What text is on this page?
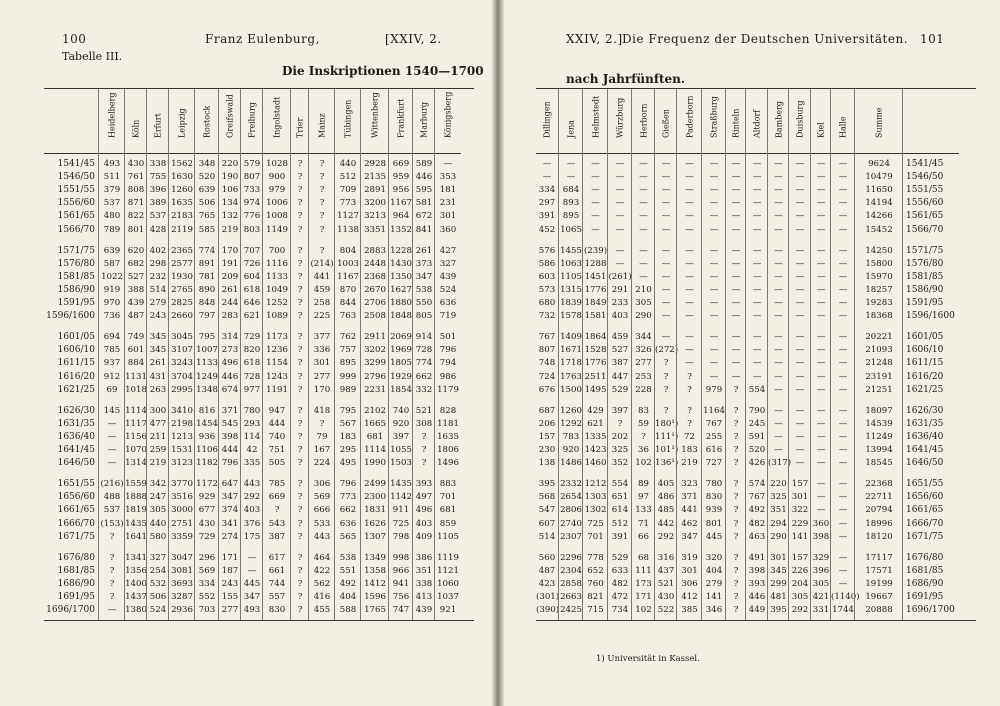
100	Franz Eulenburg,	[XXIV, 2.
Tabelle III.
Die Inskriptionen 1540—1700
1541/45
1546/50
1551/55
1556/60
1561/65
1566/70
1571/75
1576/80
1581/85
1586/90
1591/95
1596/1600
1601/05
1606/10
1611/15
1616/20
1621/25
1626/30
1631/35
1636/40
1641/45
1646/50
1651/55
1656/60
1661/65
1666/70
1671/75
1676/80
1681/85
1686/90
1691/95
1696/1700
Heidelberg
493
511
379
537
480
789
639
587
1022
919
970
736
694
785
937
912
69
145
—
—
—
—
(216)
488
537
(153)
?
?
?
?
?
—
Köln
430
761
808
871
822
801
620
682
527
388
439
487
749
601
884
1131
1018
1114
1117
1156
1070
1314
1559
1888
1819
1435
1641
1341
1356
1400
1437
1380
Erfurt
338
755
396
389
537
428
402
298
232
514
279
243
345
345
261
431
263
300
477
211
259
219
342
247
305
440
580
327
254
532
506
524
Leipzig
1562
1630
1260
1635
2183
2119
2365
2577
1930
2765
2825
2660
3045
3107
3243
3704
2995
3410
2198
1213
1531
3123
3770
3516
3000
2751
3359
3047
3081
3693
3287
2936
Rostock
348
520
639
506
765
585
774
891
781
890
848
797
795
1007
1133
1249
1348
816
1454
936
1106
1182
1172
929
677
430
729
296
569
334
552
703
Greifswald
220
190
106
134
132
219
170
191
209
261
244
283
314
273
496
446
674
371
545
398
444
796
647
347
374
341
274
171
187
243
155
277
Freiburg
579
807
733
974
776
803
707
726
604
618
646
621
729
820
618
728
977
780
293
114
42
335
443
292
403
376
175
—
—
445
347
493
Ingolstadt
1028
900
979
1006
1008
1149
700
1116
1133
1049
1252
1089
1173
1236
1154
1243
1191
947
444
740
751
505
785
669
?
543
387
617
661
744
557
830
Trier
?
?
?
?
?
?
?
?
?
?
?
?
?
?
?
?
?
?
?
?
?
?
?
?
?
?
?
?
?
?
?
?
Mainz
?
?
?
?
?
?
?
(214)
441
459
258
225
377
336
301
277
170
418
?
79
167
224
306
569
666
533
443
464
422
562
416
455
Tübingen
440
512
709
773
1127
1138
804
1003
1167
870
844
763
762
757
895
999
989
795
567
183
295
495
796
773
662
636
565
538
551
492
404
588
Wittenberg
2928
2135
2891
3200
3213
3351
2883
2448
2368
2670
2706
2508
2911
3202
3299
2796
2231
2102
1665
681
1114
1990
2499
2300
1831
1626
1307
1349
1358
1412
1596
1765
Frankfurt
669
959
956
1167
964
1352
1228
1430
1350
1627
1880
1848
2069
1969
1805
1929
1854
740
920
397
1055
1503
1435
1142
911
725
798
998
966
941
756
747
Marburg
589
446
595
581
672
841
261
373
347
538
550
805
914
728
774
662
332
521
308
?
?
?
393
497
496
403
409
386
351
338
413
439
Königsberg
—
353
181
231
301
360
427
327
439
524
636
719
501
796
794
986
1179
828
1181
1635
1806
1496
883
701
681
859
1105
1119
1121
1060
1037
921
XXIV, 2.] Die Frequenz der Deutschen Universitäten. 101
nach Jahrfünften.
Dillingen
—
—
334
297
391
452
576
586
603
573
680
732
767
807
748
724
676
687
206
157
230
138
395
568
547
607
514
560
487
423
(301)
(390)
Jena
—
—
684
893
895
1065
1455
1063
1105
1315
1839
1578
1409
1671
1718
1763
1500
1260
1292
783
920
1486
2332
2654
2806
2740
2307
2296
2304
2858
2663
2425
Helmstedt
—
—
—
—
—
—
(239)
1288
1451
1776
1849
1581
1864
1528
1776
2511
1495
429
621
1335
1423
1460
1212
1303
1302
725
701
778
652
760
821
715
Würzburg
—
—
—
—
—
—
—
—
(261)
291
233
403
459
527
387
447
529
397
?
202
325
352
554
651
614
512
391
529
633
482
472
734
Herborn
—
—
—
—
—
—
—
—
—
210
305
290
344
326
277
253
228
83
59
?
36
102
89
97
133
71
66
68
111
173
171
102
Gießen
—
—
—
—
—
—
—
—
—
—
—
—
—
(272)
?
?
?
?
180¹)
111¹)
101¹)
136¹)
405
486
485
442
292
316
437
521
430
522
Paderborn
—
—
—
—
—
—
—
—
—
—
—
—
—
—
—
?
?
?
?
72
183
219
323
371
441
462
347
319
301
306
412
385
Straßburg
—
—
—
—
—
—
—
—
—
—
—
—
—
—
—
—
979
1164
767
255
616
727
780
830
939
801
445
320
404
279
141
346
Rinteln
—
—
—
—
—
—
—
—
—
—
—
—
—
—
—
—
?
?
?
?
?
?
?
?
?
?
?
?
?
?
?
?
Altdorf
—
—
—
—
—
—
—
—
—
—
—
—
—
—
—
—
554
790
245
591
520
426
574
767
492
482
463
491
398
393
446
449
Bamberg
—
—
—
—
—
—
—
—
—
—
—
—
—
—
—
—
—
—
—
—
—
(317)
220
325
351
294
290
301
345
299
481
395
Duisburg
—
—
—
—
—
—
—
—
—
—
—
—
—
—
—
—
—
—
—
—
—
—
157
301
322
229
141
157
226
204
305
292
Kiel
—
—
—
—
—
—
—
—
—
—
—
—
—
—
—
—
—
—
—
—
—
—
—
—
—
360
398
329
396
305
421
331
Halle
—
—
—
—
—
—
—
—
—
—
—
—
—
—
—
—
—
—
—
—
—
—
—
—
—
—
—
—
—
—
(1140)
1744
Summe
9624
10479
11650
14194
14266
15452
14250
15800
15970
18257
19283
18368
20221
21093
21248
23191
21251
18097
14539
11249
13994
18545
22368
22711
20794
18996
18120
17117
17571
19199
19667
20888
1541/45
1546/50
1551/55
1556/60
1561/65
1566/70
1571/75
1576/80
1581/85
1586/90
1591/95
1596/1600
1601/05
1606/10
1611/15
1616/20
1621/25
1626/30
1631/35
1636/40
1641/45
1646/50
1651/55
1656/60
1661/65
1666/70
1671/75
1676/80
1681/85
1686/90
1691/95
1696/1700
1) Universität in Kassel.
